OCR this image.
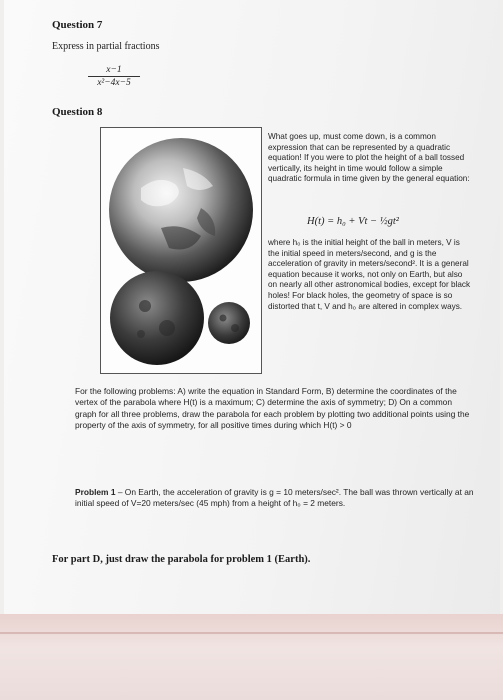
Question 7
Express in partial fractions
x−1
x²−4x−5
Question 8

What goes up, must come down, is a common expression that can be represented by a quadratic equation! If you were to plot the height of a ball tossed vertically, its height in time would follow a simple quadratic formula in time given by the general equation:

H(t) = h₀ + Vt − ½gt²

where h₀ is the initial height of the ball in meters, V is the initial speed in meters/second, and g is the acceleration of gravity in meters/second². It is a general equation because it works, not only on Earth, but also on nearly all other astronomical bodies, except for black holes! For black holes, the geometry of space is so distorted that t, V and h₀ are altered in complex ways.

For the following problems: A) write the equation in Standard Form, B) determine the coordinates of the vertex of the parabola where H(t) is a maximum; C) determine the axis of symmetry; D) On a common graph for all three problems, draw the parabola for each problem by plotting two additional points using the property of the axis of symmetry, for all positive times during which H(t) > 0
Problem 1 – On Earth, the acceleration of gravity is g = 10 meters/sec². The ball was thrown vertically at an initial speed of V=20 meters/sec (45 mph) from a height of h₀ = 2 meters.
For part D, just draw the parabola for problem 1 (Earth).
